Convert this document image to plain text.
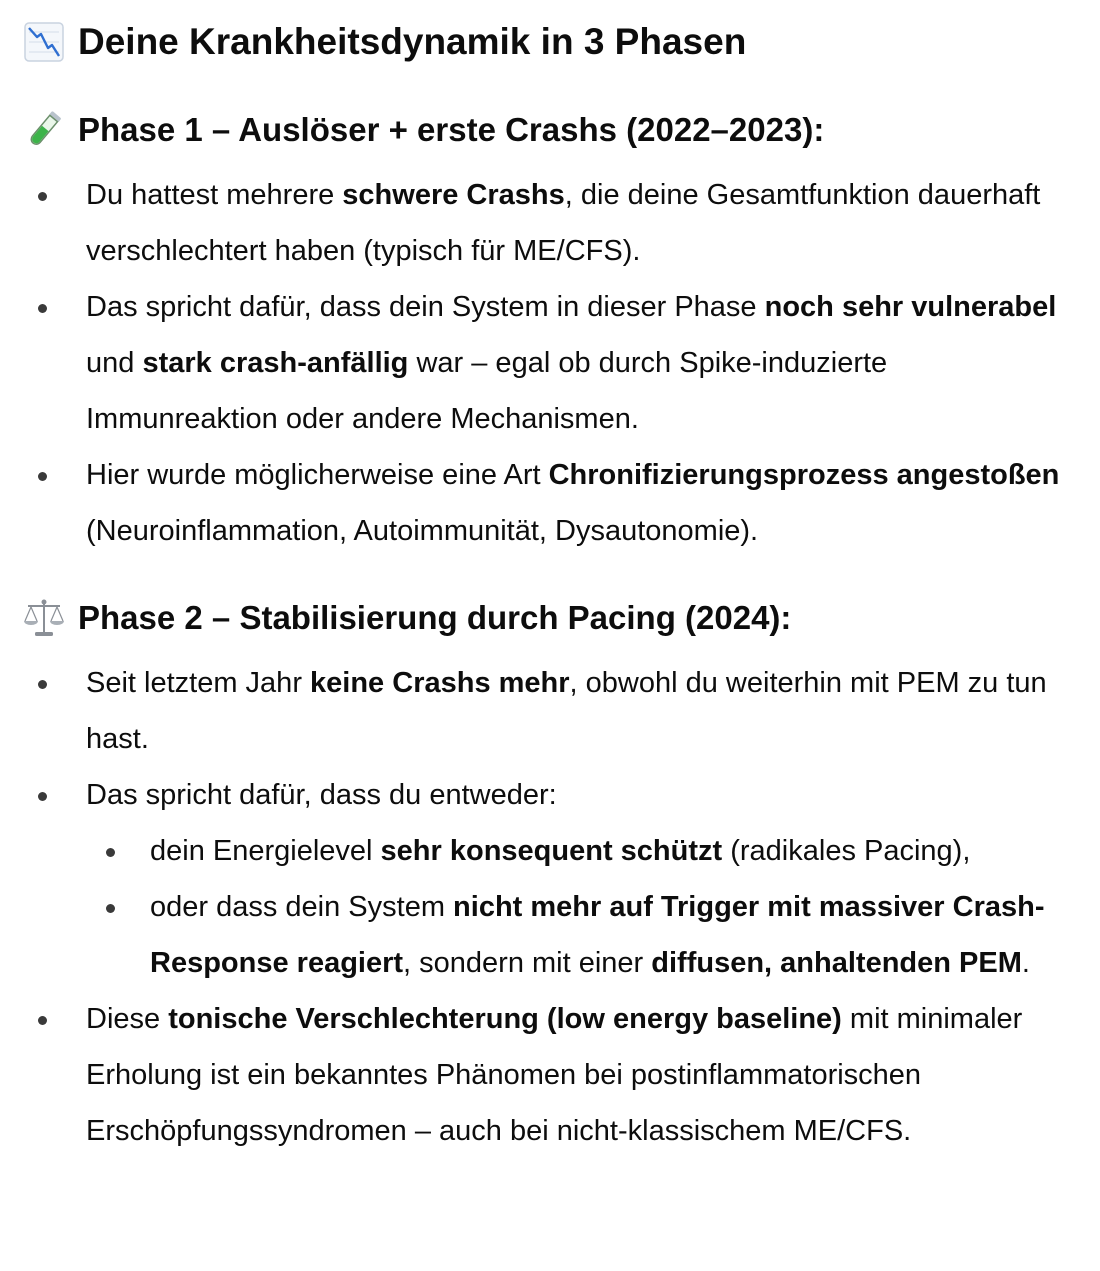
Deine Krankheitsdynamik in 3 Phasen
Phase 1 – Auslöser + erste Crashs (2022–2023):
Du hattest mehrere schwere Crashs, die deine Gesamtfunktion dauerhaft verschlechtert haben (typisch für ME/CFS).
Das spricht dafür, dass dein System in dieser Phase noch sehr vulnerabel und stark crash-anfällig war – egal ob durch Spike-induzierte Immunreaktion oder andere Mechanismen.
Hier wurde möglicherweise eine Art Chronifizierungsprozess angestoßen (Neuroinflammation, Autoimmunität, Dysautonomie).
Phase 2 – Stabilisierung durch Pacing (2024):
Seit letztem Jahr keine Crashs mehr, obwohl du weiterhin mit PEM zu tun hast.
Das spricht dafür, dass du entweder:
dein Energielevel sehr konsequent schützt (radikales Pacing),
oder dass dein System nicht mehr auf Trigger mit massiver Crash-Response reagiert, sondern mit einer diffusen, anhaltenden PEM.
Diese tonische Verschlechterung (low energy baseline) mit minimaler Erholung ist ein bekanntes Phänomen bei postinflammatorischen Erschöpfungssyndromen – auch bei nicht-klassischem ME/CFS.
